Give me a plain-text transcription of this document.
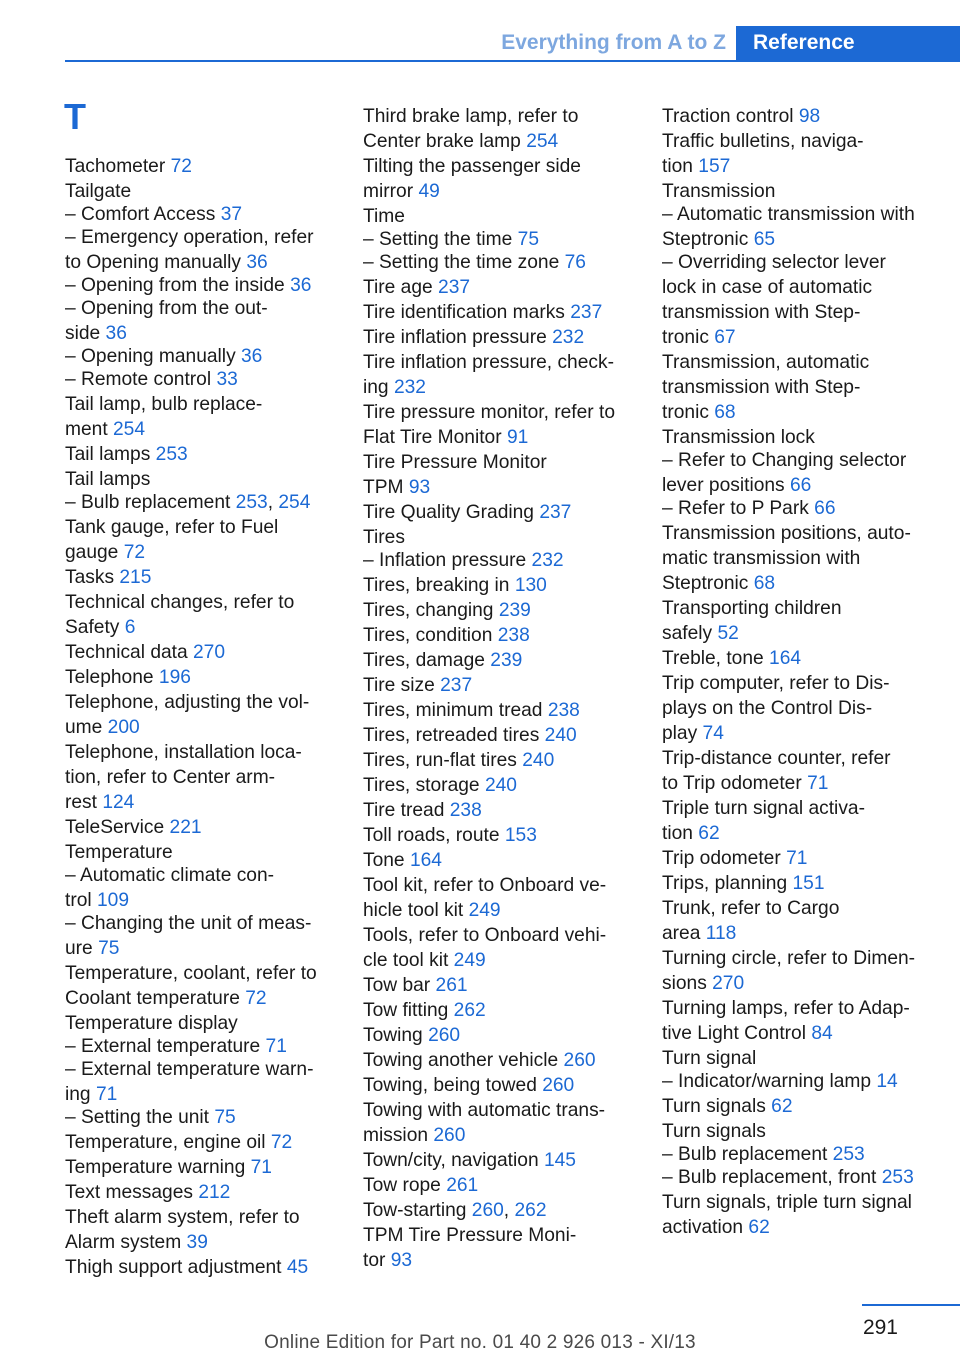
Everything from A to Z	Reference
T
Tachometer 72
Tailgate
– Comfort Access 37
– Emergency operation, refer
to Opening manually 36
– Opening from the inside 36
– Opening from the out-
side 36
– Opening manually 36
– Remote control 33
Tail lamp, bulb replace-
ment 254
Tail lamps 253
Tail lamps
– Bulb replacement 253, 254
Tank gauge, refer to Fuel
gauge 72
Tasks 215
Technical changes, refer to
Safety 6
Technical data 270
Telephone 196
Telephone, adjusting the vol-
ume 200
Telephone, installation loca-
tion, refer to Center arm-
rest 124
TeleService 221
Temperature
– Automatic climate con-
trol 109
– Changing the unit of meas-
ure 75
Temperature, coolant, refer to
Coolant temperature 72
Temperature display
– External temperature 71
– External temperature warn-
ing 71
– Setting the unit 75
Temperature, engine oil 72
Temperature warning 71
Text messages 212
Theft alarm system, refer to
Alarm system 39
Thigh support adjustment 45
Third brake lamp, refer to
Center brake lamp 254
Tilting the passenger side
mirror 49
Time
– Setting the time 75
– Setting the time zone 76
Tire age 237
Tire identification marks 237
Tire inflation pressure 232
Tire inflation pressure, check-
ing 232
Tire pressure monitor, refer to
Flat Tire Monitor 91
Tire Pressure Monitor
TPM 93
Tire Quality Grading 237
Tires
– Inflation pressure 232
Tires, breaking in 130
Tires, changing 239
Tires, condition 238
Tires, damage 239
Tire size 237
Tires, minimum tread 238
Tires, retreaded tires 240
Tires, run-flat tires 240
Tires, storage 240
Tire tread 238
Toll roads, route 153
Tone 164
Tool kit, refer to Onboard ve-
hicle tool kit 249
Tools, refer to Onboard vehi-
cle tool kit 249
Tow bar 261
Tow fitting 262
Towing 260
Towing another vehicle 260
Towing, being towed 260
Towing with automatic trans-
mission 260
Town/city, navigation 145
Tow rope 261
Tow-starting 260, 262
TPM Tire Pressure Moni-
tor 93
Traction control 98
Traffic bulletins, naviga-
tion 157
Transmission
– Automatic transmission with
Steptronic 65
– Overriding selector lever
lock in case of automatic
transmission with Step-
tronic 67
Transmission, automatic
transmission with Step-
tronic 68
Transmission lock
– Refer to Changing selector
lever positions 66
– Refer to P Park 66
Transmission positions, auto-
matic transmission with
Steptronic 68
Transporting children
safely 52
Treble, tone 164
Trip computer, refer to Dis-
plays on the Control Dis-
play 74
Trip-distance counter, refer
to Trip odometer 71
Triple turn signal activa-
tion 62
Trip odometer 71
Trips, planning 151
Trunk, refer to Cargo
area 118
Turning circle, refer to Dimen-
sions 270
Turning lamps, refer to Adap-
tive Light Control 84
Turn signal
– Indicator/warning lamp 14
Turn signals 62
Turn signals
– Bulb replacement 253
– Bulb replacement, front 253
Turn signals, triple turn signal
activation 62
291
Online Edition for Part no. 01 40 2 926 013 - XI/13
